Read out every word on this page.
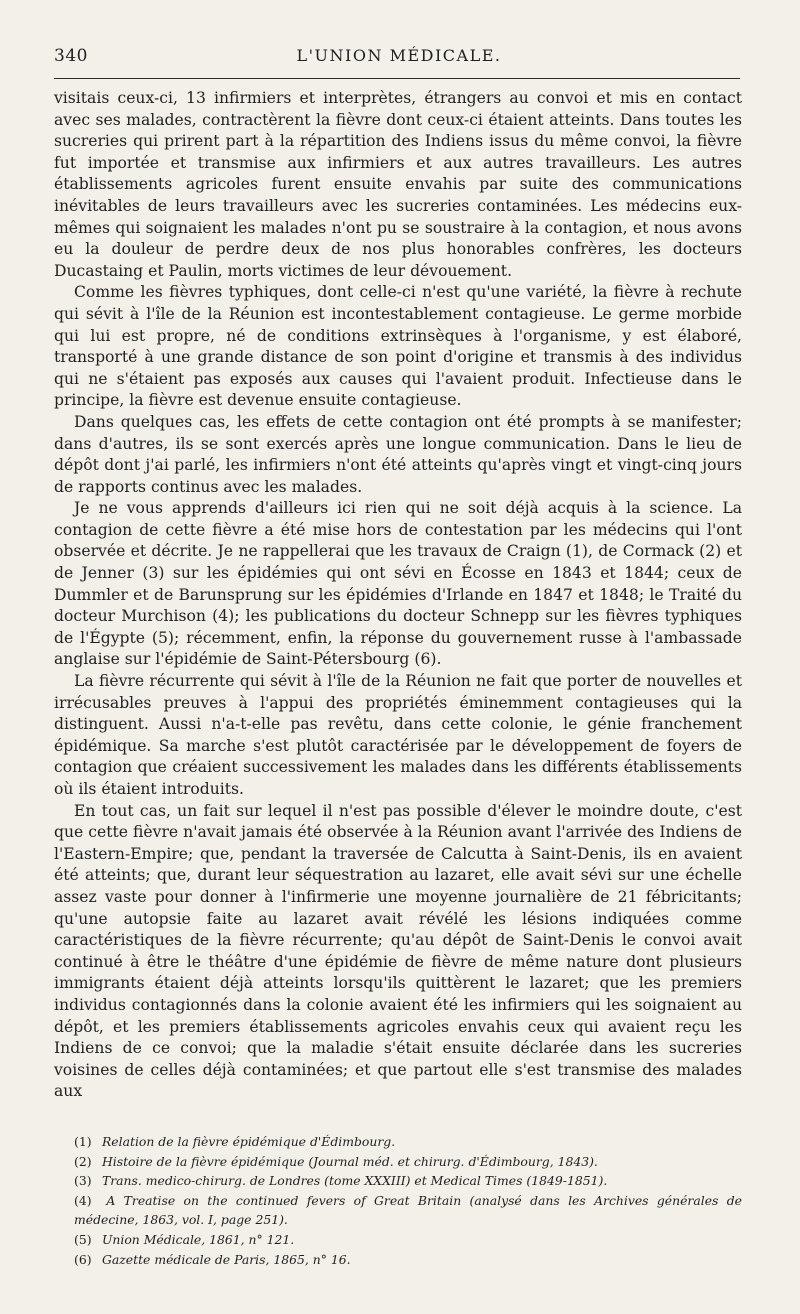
340	L'UNION MÉDICALE.

visitais ceux-ci, 13 infirmiers et interprètes, étrangers au convoi et mis en contact avec ses malades, contractèrent la fièvre dont ceux-ci étaient atteints. Dans toutes les sucreries qui prirent part à la répartition des Indiens issus du même convoi, la fièvre fut importée et transmise aux infirmiers et aux autres travailleurs. Les autres établissements agricoles furent ensuite envahis par suite des communications inévitables de leurs travailleurs avec les sucreries contaminées. Les médecins eux-mêmes qui soignaient les malades n'ont pu se soustraire à la contagion, et nous avons eu la douleur de perdre deux de nos plus honorables confrères, les docteurs Ducastaing et Paulin, morts victimes de leur dévouement.

Comme les fièvres typhiques, dont celle-ci n'est qu'une variété, la fièvre à rechute qui sévit à l'île de la Réunion est incontestablement contagieuse. Le germe morbide qui lui est propre, né de conditions extrinsèques à l'organisme, y est élaboré, transporté à une grande distance de son point d'origine et transmis à des individus qui ne s'étaient pas exposés aux causes qui l'avaient produit. Infectieuse dans le principe, la fièvre est devenue ensuite contagieuse.

Dans quelques cas, les effets de cette contagion ont été prompts à se manifester; dans d'autres, ils se sont exercés après une longue communication. Dans le lieu de dépôt dont j'ai parlé, les infirmiers n'ont été atteints qu'après vingt et vingt-cinq jours de rapports continus avec les malades.

Je ne vous apprends d'ailleurs ici rien qui ne soit déjà acquis à la science. La contagion de cette fièvre a été mise hors de contestation par les médecins qui l'ont observée et décrite. Je ne rappellerai que les travaux de Craign (1), de Cormack (2) et de Jenner (3) sur les épidémies qui ont sévi en Écosse en 1843 et 1844; ceux de Dummler et de Barunsprung sur les épidémies d'Irlande en 1847 et 1848; le Traité du docteur Murchison (4); les publications du docteur Schnepp sur les fièvres typhiques de l'Égypte (5); récemment, enfin, la réponse du gouvernement russe à l'ambassade anglaise sur l'épidémie de Saint-Pétersbourg (6).

La fièvre récurrente qui sévit à l'île de la Réunion ne fait que porter de nouvelles et irrécusables preuves à l'appui des propriétés éminemment contagieuses qui la distinguent. Aussi n'a-t-elle pas revêtu, dans cette colonie, le génie franchement épidémique. Sa marche s'est plutôt caractérisée par le développement de foyers de contagion que créaient successivement les malades dans les différents établissements où ils étaient introduits.

En tout cas, un fait sur lequel il n'est pas possible d'élever le moindre doute, c'est que cette fièvre n'avait jamais été observée à la Réunion avant l'arrivée des Indiens de l'Eastern-Empire; que, pendant la traversée de Calcutta à Saint-Denis, ils en avaient été atteints; que, durant leur séquestration au lazaret, elle avait sévi sur une échelle assez vaste pour donner à l'infirmerie une moyenne journalière de 21 fébricitants; qu'une autopsie faite au lazaret avait révélé les lésions indiquées comme caractéristiques de la fièvre récurrente; qu'au dépôt de Saint-Denis le convoi avait continué à être le théâtre d'une épidémie de fièvre de même nature dont plusieurs immigrants étaient déjà atteints lorsqu'ils quittèrent le lazaret; que les premiers individus contagionnés dans la colonie avaient été les infirmiers qui les soignaient au dépôt, et les premiers établissements agricoles envahis ceux qui avaient reçu les Indiens de ce convoi; que la maladie s'était ensuite déclarée dans les sucreries voisines de celles déjà contaminées; et que partout elle s'est transmise des malades aux

(1) Relation de la fièvre épidémique d'Édimbourg.

(2) Histoire de la fièvre épidémique (Journal méd. et chirurg. d'Édimbourg, 1843).

(3) Trans. medico-chirurg. de Londres (tome XXXIII) et Medical Times (1849-1851).

(4) A Treatise on the continued fevers of Great Britain (analysé dans les Archives générales de médecine, 1863, vol. I, page 251).

(5) Union Médicale, 1861, n° 121.

(6) Gazette médicale de Paris, 1865, n° 16.
